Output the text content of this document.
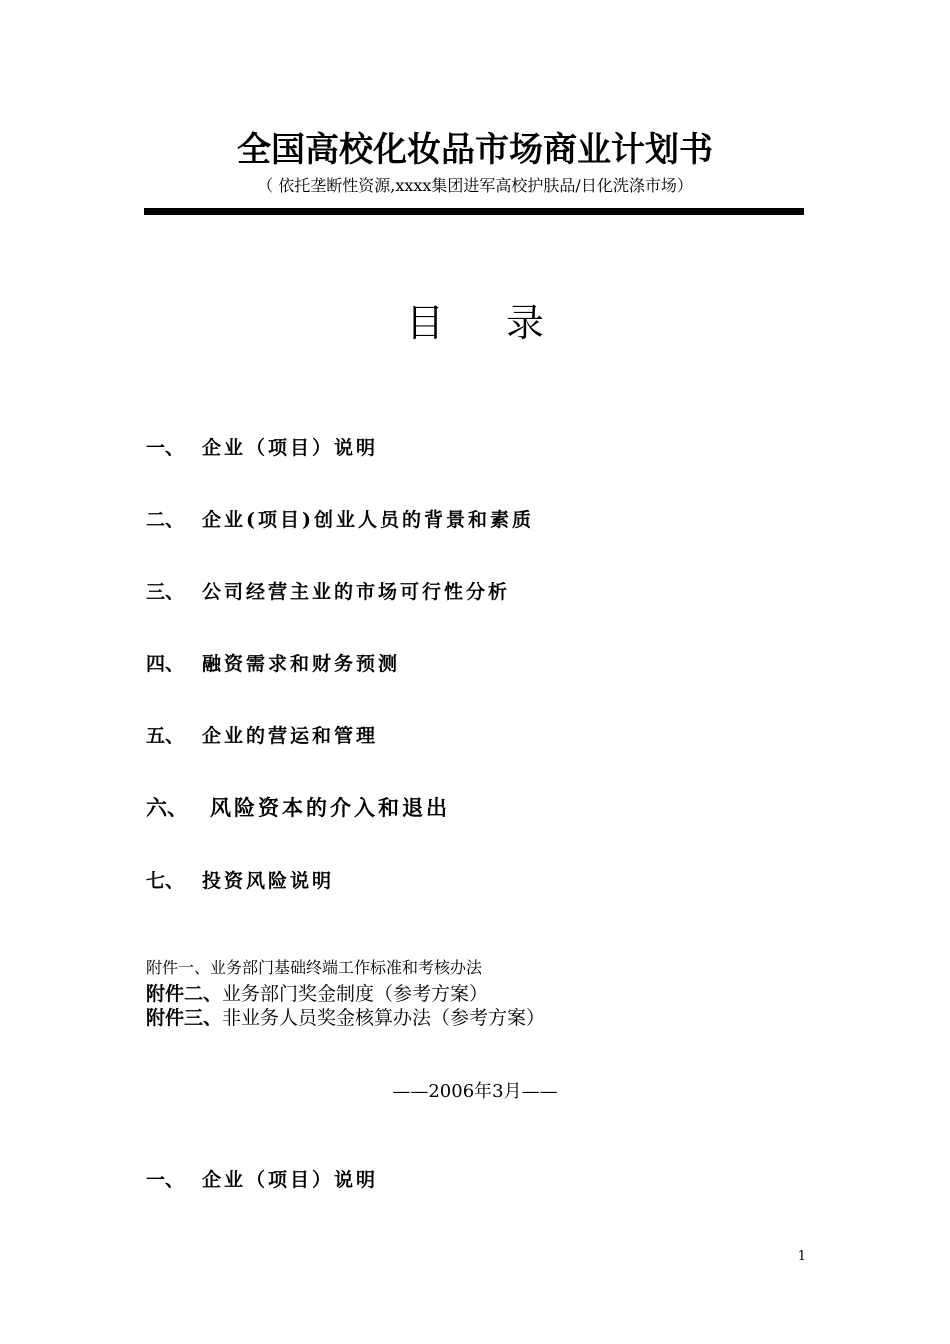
全国高校化妆品市场商业计划书
（ 依托垄断性资源,xxxx集团进军高校护肤品/日化洗涤市场）
目录
一、 企业（项目）说明
二、 企业(项目)创业人员的背景和素质
三、 公司经营主业的市场可行性分析
四、 融资需求和财务预测
五、 企业的营运和管理
六、 风险资本的介入和退出
七、 投资风险说明
附件一、业务部门基础终端工作标准和考核办法
附件二、业务部门奖金制度（参考方案）
附件三、非业务人员奖金核算办法（参考方案）
——2006年3月——
一、 企业（项目）说明
1
